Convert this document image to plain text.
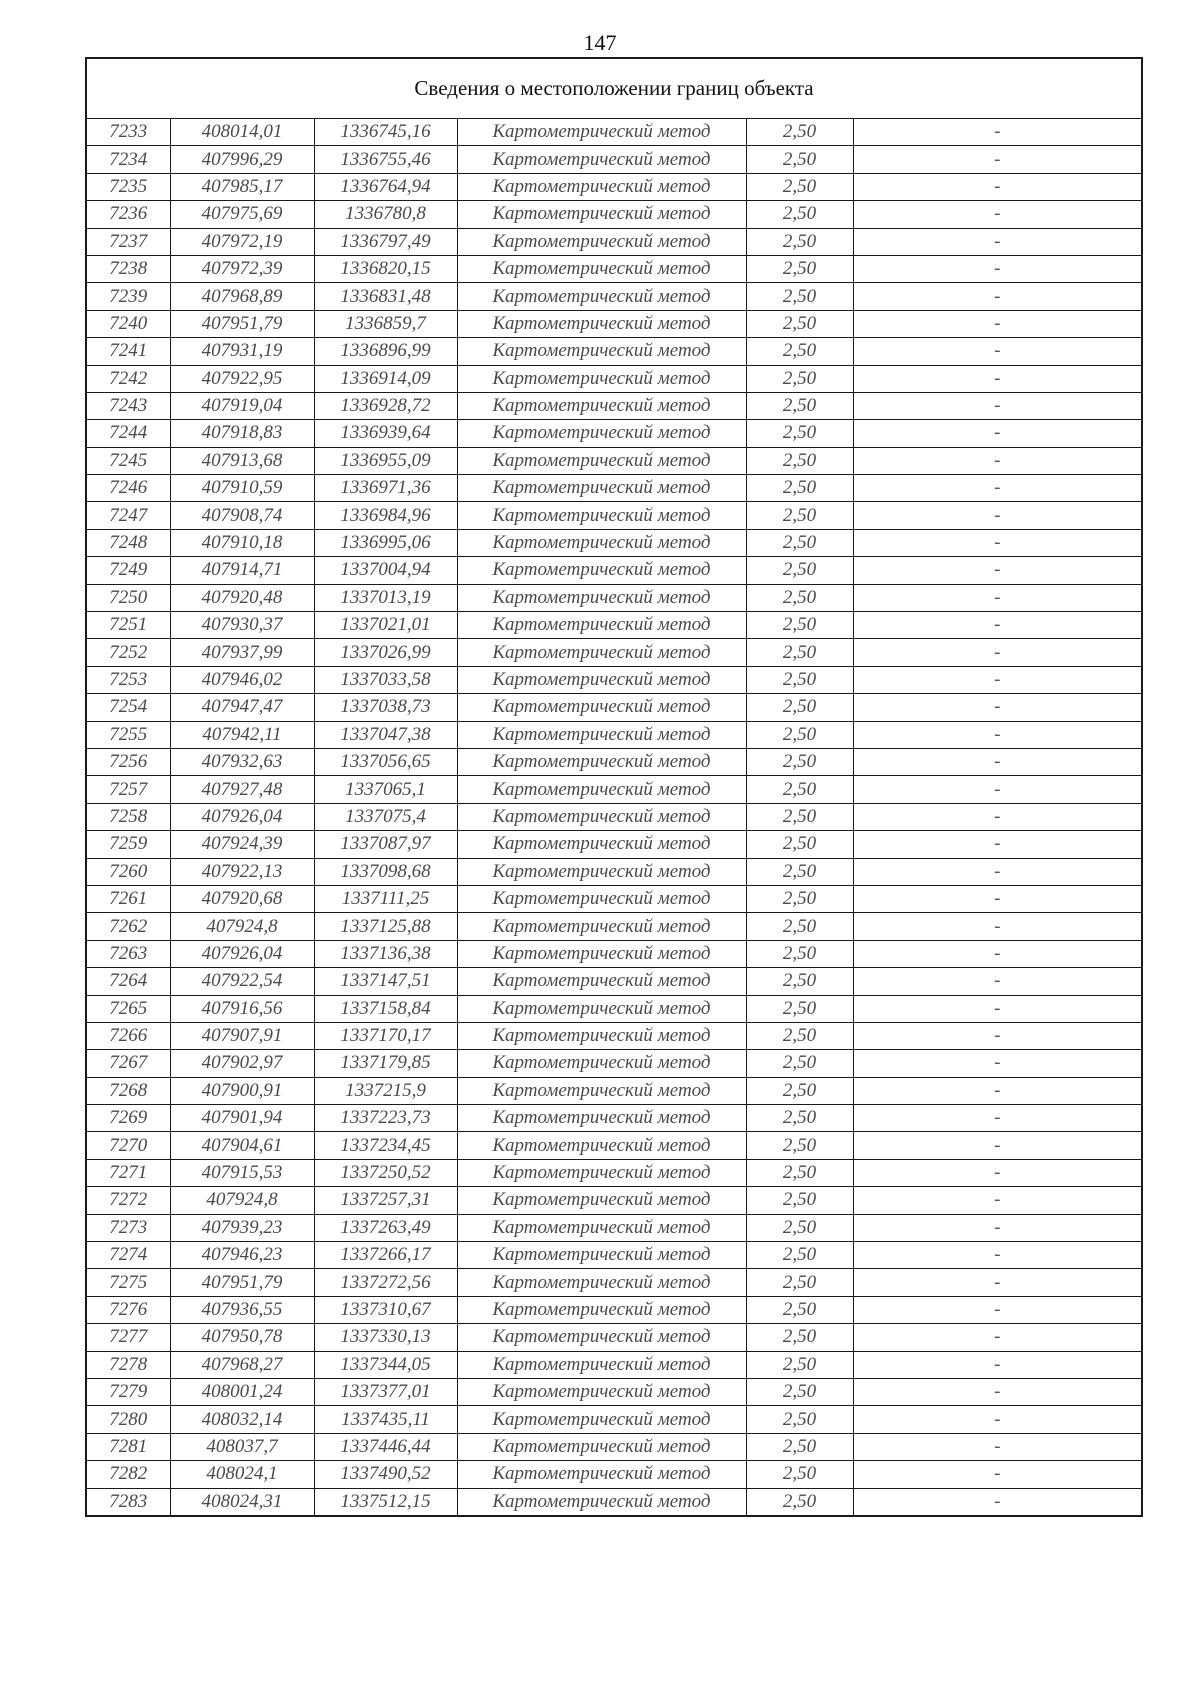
147
Сведения о местоположении границ объекта					
7233	408014,01	1336745,16	Картометрический метод	2,50	-
7234	407996,29	1336755,46	Картометрический метод	2,50	-
7235	407985,17	1336764,94	Картометрический метод	2,50	-
7236	407975,69	1336780,8	Картометрический метод	2,50	-
7237	407972,19	1336797,49	Картометрический метод	2,50	-
7238	407972,39	1336820,15	Картометрический метод	2,50	-
7239	407968,89	1336831,48	Картометрический метод	2,50	-
7240	407951,79	1336859,7	Картометрический метод	2,50	-
7241	407931,19	1336896,99	Картометрический метод	2,50	-
7242	407922,95	1336914,09	Картометрический метод	2,50	-
7243	407919,04	1336928,72	Картометрический метод	2,50	-
7244	407918,83	1336939,64	Картометрический метод	2,50	-
7245	407913,68	1336955,09	Картометрический метод	2,50	-
7246	407910,59	1336971,36	Картометрический метод	2,50	-
7247	407908,74	1336984,96	Картометрический метод	2,50	-
7248	407910,18	1336995,06	Картометрический метод	2,50	-
7249	407914,71	1337004,94	Картометрический метод	2,50	-
7250	407920,48	1337013,19	Картометрический метод	2,50	-
7251	407930,37	1337021,01	Картометрический метод	2,50	-
7252	407937,99	1337026,99	Картометрический метод	2,50	-
7253	407946,02	1337033,58	Картометрический метод	2,50	-
7254	407947,47	1337038,73	Картометрический метод	2,50	-
7255	407942,11	1337047,38	Картометрический метод	2,50	-
7256	407932,63	1337056,65	Картометрический метод	2,50	-
7257	407927,48	1337065,1	Картометрический метод	2,50	-
7258	407926,04	1337075,4	Картометрический метод	2,50	-
7259	407924,39	1337087,97	Картометрический метод	2,50	-
7260	407922,13	1337098,68	Картометрический метод	2,50	-
7261	407920,68	1337111,25	Картометрический метод	2,50	-
7262	407924,8	1337125,88	Картометрический метод	2,50	-
7263	407926,04	1337136,38	Картометрический метод	2,50	-
7264	407922,54	1337147,51	Картометрический метод	2,50	-
7265	407916,56	1337158,84	Картометрический метод	2,50	-
7266	407907,91	1337170,17	Картометрический метод	2,50	-
7267	407902,97	1337179,85	Картометрический метод	2,50	-
7268	407900,91	1337215,9	Картометрический метод	2,50	-
7269	407901,94	1337223,73	Картометрический метод	2,50	-
7270	407904,61	1337234,45	Картометрический метод	2,50	-
7271	407915,53	1337250,52	Картометрический метод	2,50	-
7272	407924,8	1337257,31	Картометрический метод	2,50	-
7273	407939,23	1337263,49	Картометрический метод	2,50	-
7274	407946,23	1337266,17	Картометрический метод	2,50	-
7275	407951,79	1337272,56	Картометрический метод	2,50	-
7276	407936,55	1337310,67	Картометрический метод	2,50	-
7277	407950,78	1337330,13	Картометрический метод	2,50	-
7278	407968,27	1337344,05	Картометрический метод	2,50	-
7279	408001,24	1337377,01	Картометрический метод	2,50	-
7280	408032,14	1337435,11	Картометрический метод	2,50	-
7281	408037,7	1337446,44	Картометрический метод	2,50	-
7282	408024,1	1337490,52	Картометрический метод	2,50	-
7283	408024,31	1337512,15	Картометрический метод	2,50	-
